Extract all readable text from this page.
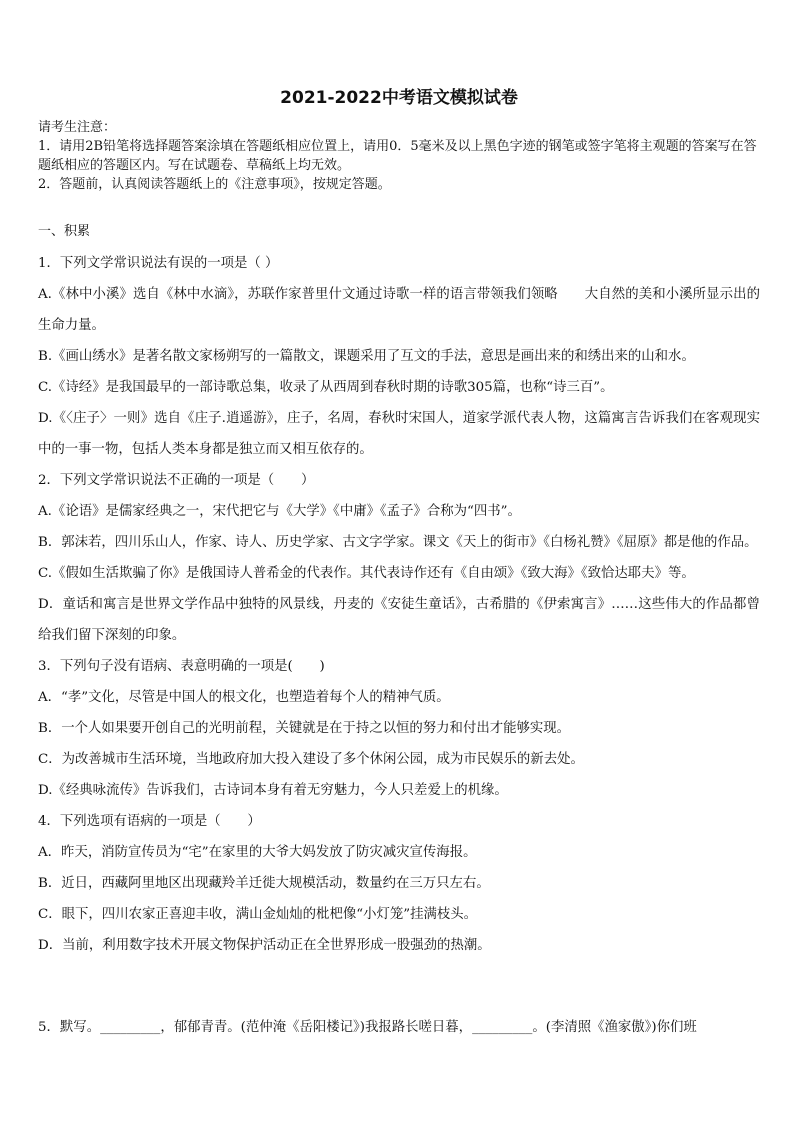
2021-2022中考语文模拟试卷

请考生注意：

1．请用2B铅笔将选择题答案涂填在答题纸相应位置上，请用0．5毫米及以上黑色字迹的钢笔或签字笔将主观题的答案写在答题纸相应的答题区内。写在试题卷、草稿纸上均无效。

2．答题前，认真阅读答题纸上的《注意事项》，按规定答题。

一、积累

1．下列文学常识说法有误的一项是（ ）

A.《林中小溪》选自《林中水滴》，苏联作家普里什文通过诗歌一样的语言带领我们领略　　大自然的美和小溪所显示出的生命力量。

B.《画山绣水》是著名散文家杨朔写的一篇散文，课题采用了互文的手法，意思是画出来的和绣出来的山和水。

C.《诗经》是我国最早的一部诗歌总集，收录了从西周到春秋时期的诗歌305篇，也称“诗三百”。

D.《〈庄子〉一则》选自《庄子.逍遥游》，庄子，名周，春秋时宋国人，道家学派代表人物，这篇寓言告诉我们在客观现实中的一事一物，包括人类本身都是独立而又相互依存的。

2．下列文学常识说法不正确的一项是（　　）

A.《论语》是儒家经典之一，宋代把它与《大学》《中庸》《孟子》合称为“四书”。

B．郭沫若，四川乐山人，作家、诗人、历史学家、古文字学家。课文《天上的街市》《白杨礼赞》《屈原》都是他的作品。

C.《假如生活欺骗了你》是俄国诗人普希金的代表作。其代表诗作还有《自由颂》《致大海》《致恰达耶夫》等。

D．童话和寓言是世界文学作品中独特的风景线，丹麦的《安徒生童话》，古希腊的《伊索寓言》……这些伟大的作品都曾给我们留下深刻的印象。

3．下列句子没有语病、表意明确的一项是(　　)

A．“孝”文化，尽管是中国人的根文化，也塑造着每个人的精神气质。

B．一个人如果要开创自己的光明前程，关键就是在于持之以恒的努力和付出才能够实现。

C．为改善城市生活环境，当地政府加大投入建设了多个休闲公园，成为市民娱乐的新去处。

D.《经典咏流传》告诉我们，古诗词本身有着无穷魅力，今人只差爱上的机缘。

4．下列选项有语病的一项是（　　）

A．昨天，消防宣传员为“宅”在家里的大爷大妈发放了防灾减灾宣传海报。

B．近日，西藏阿里地区出现藏羚羊迁徙大规模活动，数量约在三万只左右。

C．眼下，四川农家正喜迎丰收，满山金灿灿的枇杷像“小灯笼”挂满枝头。

D．当前，利用数字技术开展文物保护活动正在全世界形成一股强劲的热潮。

5．默写。_________，郁郁青青。(范仲淹《岳阳楼记》)我报路长嗟日暮，_________。(李清照《渔家傲》)你们班
